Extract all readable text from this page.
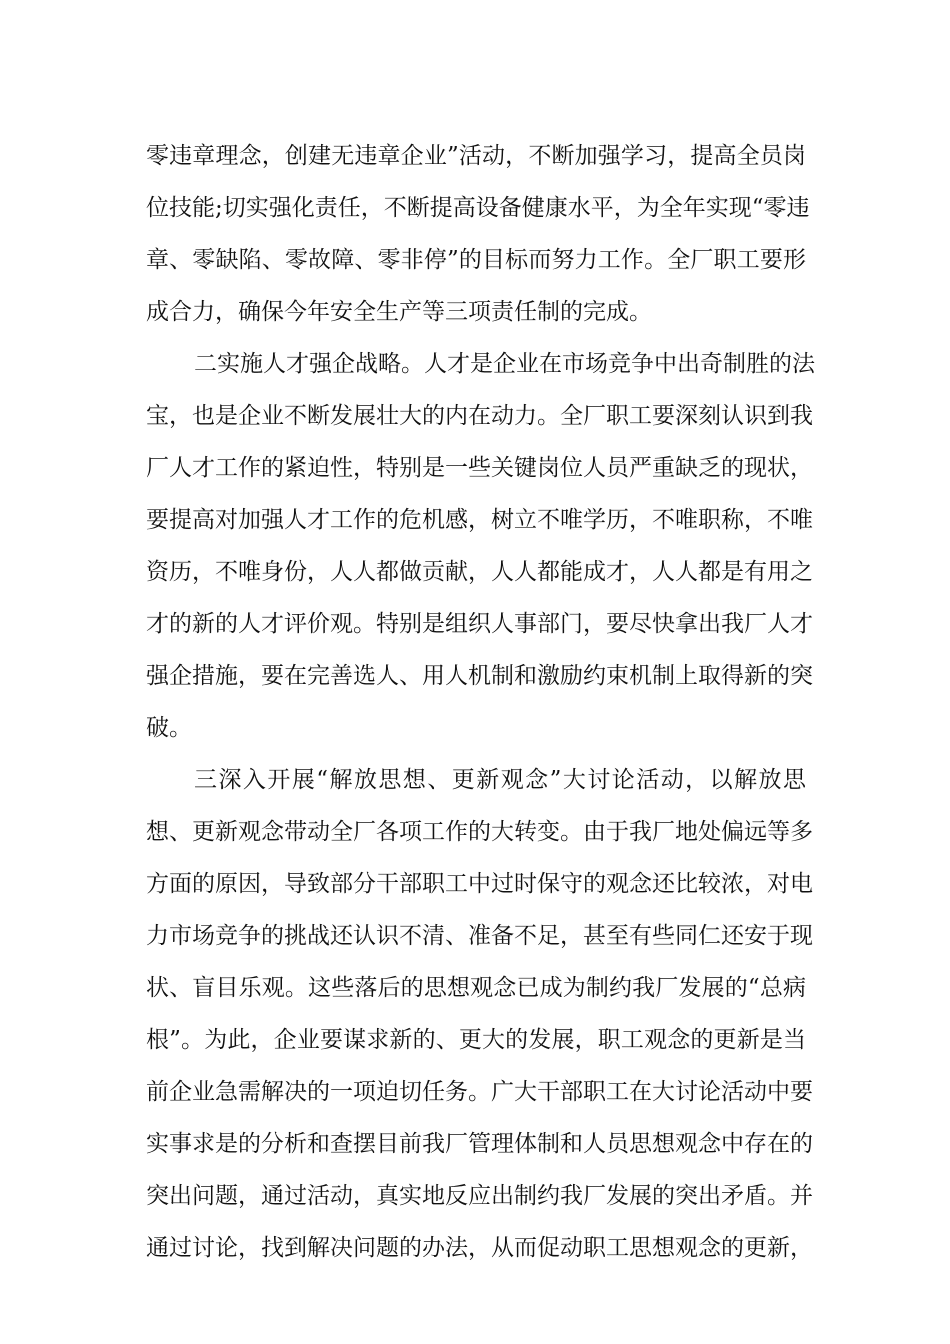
零违章理念，创建无违章企业”活动，不断加强学习，提高全员岗

位技能;切实强化责任，不断提高设备健康水平，为全年实现“零违

章、零缺陷、零故障、零非停”的目标而努力工作。全厂职工要形

成合力，确保今年安全生产等三项责任制的完成。

二实施人才强企战略。人才是企业在市场竞争中出奇制胜的法

宝，也是企业不断发展壮大的内在动力。全厂职工要深刻认识到我

厂人才工作的紧迫性，特别是一些关键岗位人员严重缺乏的现状，

要提高对加强人才工作的危机感，树立不唯学历，不唯职称，不唯

资历，不唯身份，人人都做贡献，人人都能成才，人人都是有用之

才的新的人才评价观。特别是组织人事部门，要尽快拿出我厂人才

强企措施，要在完善选人、用人机制和激励约束机制上取得新的突

破。

三深入开展“解放思想、更新观念”大讨论活动，以解放思

想、更新观念带动全厂各项工作的大转变。由于我厂地处偏远等多

方面的原因，导致部分干部职工中过时保守的观念还比较浓，对电

力市场竞争的挑战还认识不清、准备不足，甚至有些同仁还安于现

状、盲目乐观。这些落后的思想观念已成为制约我厂发展的“总病

根”。为此，企业要谋求新的、更大的发展，职工观念的更新是当

前企业急需解决的一项迫切任务。广大干部职工在大讨论活动中要

实事求是的分析和查摆目前我厂管理体制和人员思想观念中存在的

突出问题，通过活动，真实地反应出制约我厂发展的突出矛盾。并

通过讨论，找到解决问题的办法，从而促动职工思想观念的更新，
